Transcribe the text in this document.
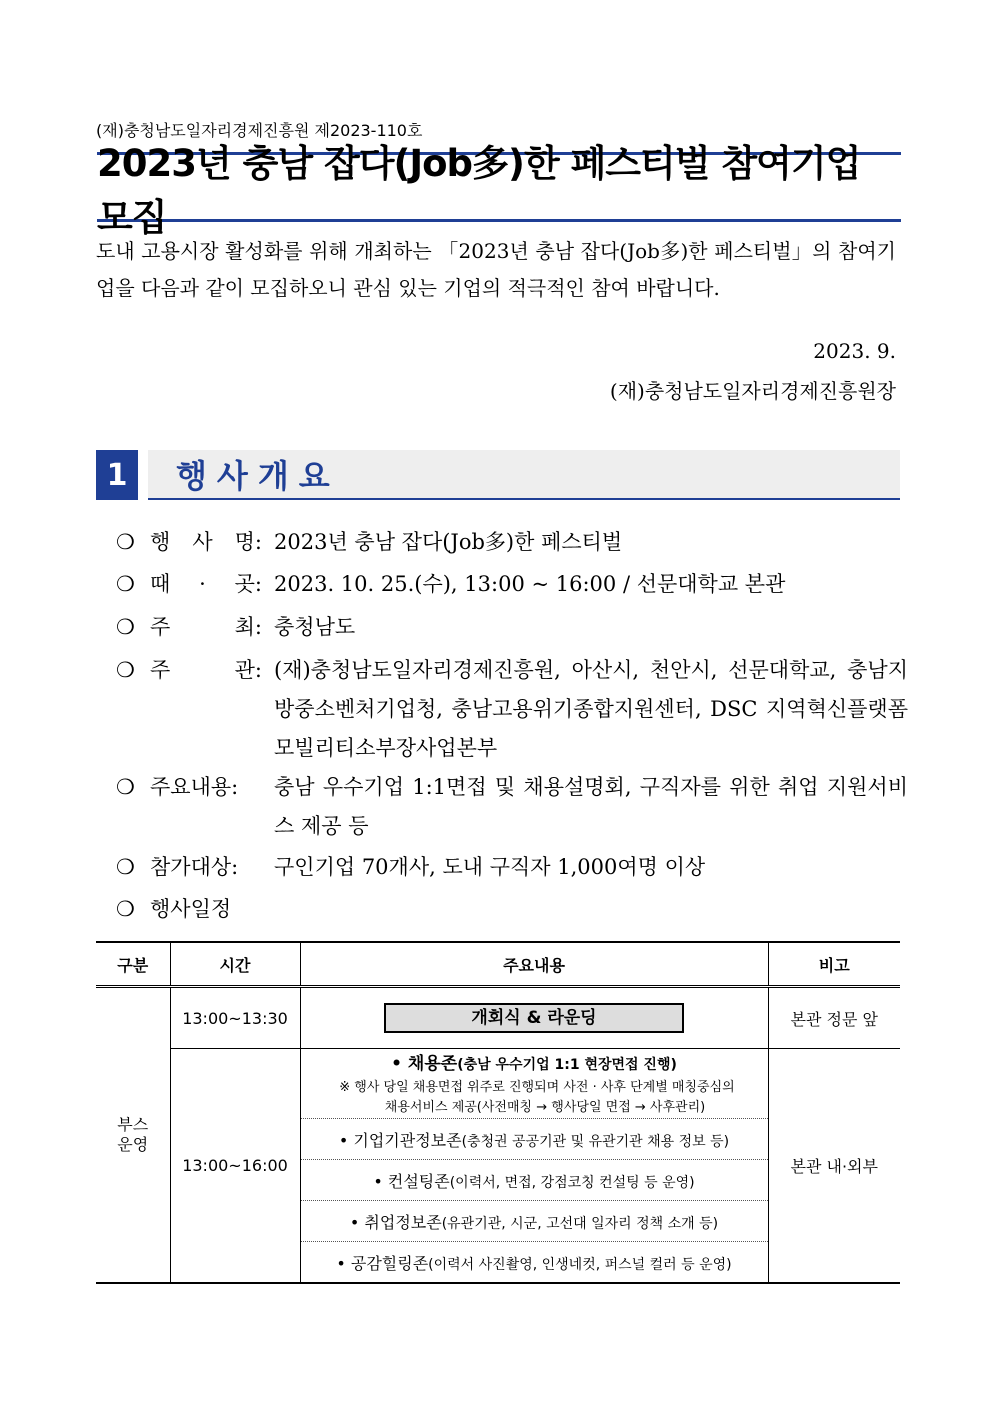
(재)충청남도일자리경제진흥원 제2023-110호
2023년 충남 잡다(Job多)한 페스티벌 참여기업 모집
도내 고용시장 활성화를 위해 개최하는 「2023년 충남 잡다(Job多)한 페스티벌」의 참여기업을 다음과 같이 모집하오니 관심 있는 기업의 적극적인 참여 바랍니다.
2023. 9.
(재)충청남도일자리경제진흥원장
1	행사개요
❍ 행 사 명: 2023년 충남 잡다(Job多)한 페스티벌
❍ 때 · 곳: 2023. 10. 25.(수), 13:00 ~ 16:00 / 선문대학교 본관
❍ 주 최: 충청남도
❍ 주 관: (재)충청남도일자리경제진흥원, 아산시, 천안시, 선문대학교, 충남지방중소벤처기업청, 충남고용위기종합지원센터, DSC 지역혁신플랫폼 모빌리티소부장사업본부
❍ 주요내용:	충남 우수기업 1:1면접 및 채용설명회, 구직자를 위한 취업 지원서비스 제공 등
❍ 참가대상:	구인기업 70개사, 도내 구직자 1,000여명 이상
❍ 행사일정
구분	시간	주요내용	비고
부스
운영	13:00~13:30	개회식 & 라운딩	본관 정문 앞
	13:00~16:00	• 채용존(충남 우수기업 1:1 현장면접 진행)
※ 행사 당일 채용면접 위주로 진행되며 사전 · 사후 단계별 매칭중심의
채용서비스 제공(사전매칭 → 행사당일 면접 → 사후관리)	본관 내·외부
		• 기업기관정보존(충청권 공공기관 및 유관기관 채용 정보 등)	
		• 컨설팅존(이력서, 면접, 강점코칭 컨설팅 등 운영)	
		• 취업정보존(유관기관, 시군, 고선대 일자리 정책 소개 등)	
		• 공감힐링존(이력서 사진촬영, 인생네컷, 퍼스널 컬러 등 운영)	
